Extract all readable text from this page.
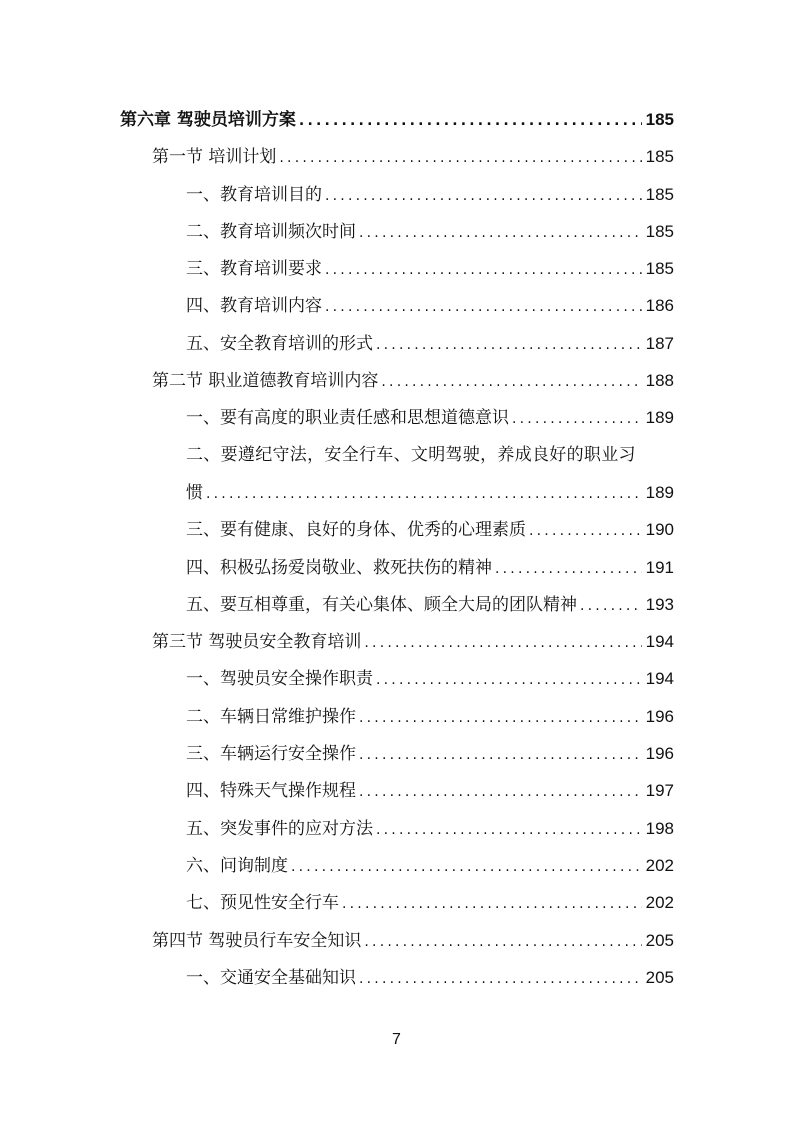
第六章 驾驶员培训方案 .....	185
第一节 培训计划 .....	185
一、教育培训目的 .....	185
二、教育培训频次时间 .....	185
三、教育培训要求 .....	185
四、教育培训内容 .....	186
五、安全教育培训的形式 .....	187
第二节 职业道德教育培训内容 .....	188
一、要有高度的职业责任感和思想道德意识 .....	189
二、要遵纪守法，安全行车、文明驾驶，养成良好的职业习
惯 .....	189
三、要有健康、良好的身体、优秀的心理素质 .....	190
四、积极弘扬爱岗敬业、救死扶伤的精神 .....	191
五、要互相尊重，有关心集体、顾全大局的团队精神 .....	193
第三节 驾驶员安全教育培训 .....	194
一、驾驶员安全操作职责 .....	194
二、车辆日常维护操作 .....	196
三、车辆运行安全操作 .....	196
四、特殊天气操作规程 .....	197
五、突发事件的应对方法 .....	198
六、问询制度 .....	202
七、预见性安全行车 .....	202
第四节 驾驶员行车安全知识 .....	205
一、交通安全基础知识 .....	205
7
